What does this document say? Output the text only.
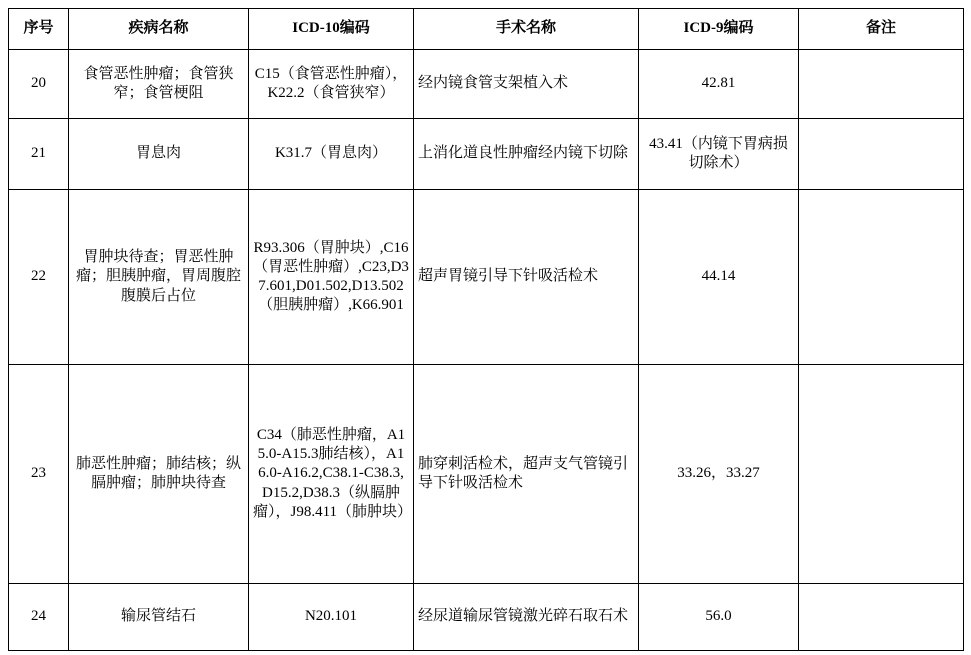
序号	疾病名称	ICD-10编码	手术名称	ICD-9编码	备注
20	食管恶性肿瘤；食管狭窄；食管梗阻	C15（食管恶性肿瘤），K22.2（食管狭窄）	经内镜食管支架植入术	42.81	
21	胃息肉	K31.7（胃息肉）	上消化道良性肿瘤经内镜下切除	43.41（内镜下胃病损切除术）	
22	胃肿块待查；胃恶性肿瘤；胆胰肿瘤，胃周腹腔腹膜后占位	R93.306（胃肿块）,C16（胃恶性肿瘤）,C23,D37.601,D01.502,D13.502（胆胰肿瘤）,K66.901	超声胃镜引导下针吸活检术	44.14	
23	肺恶性肿瘤；肺结核；纵膈肿瘤；肺肿块待查	C34（肺恶性肿瘤，A15.0-A15.3肺结核），A16.0-A16.2,C38.1-C38.3,D15.2,D38.3（纵膈肿瘤），J98.411（肺肿块）	肺穿刺活检术，超声支气管镜引导下针吸活检术	33.26，33.27	
24	输尿管结石	N20.101	经尿道输尿管镜激光碎石取石术	56.0	
